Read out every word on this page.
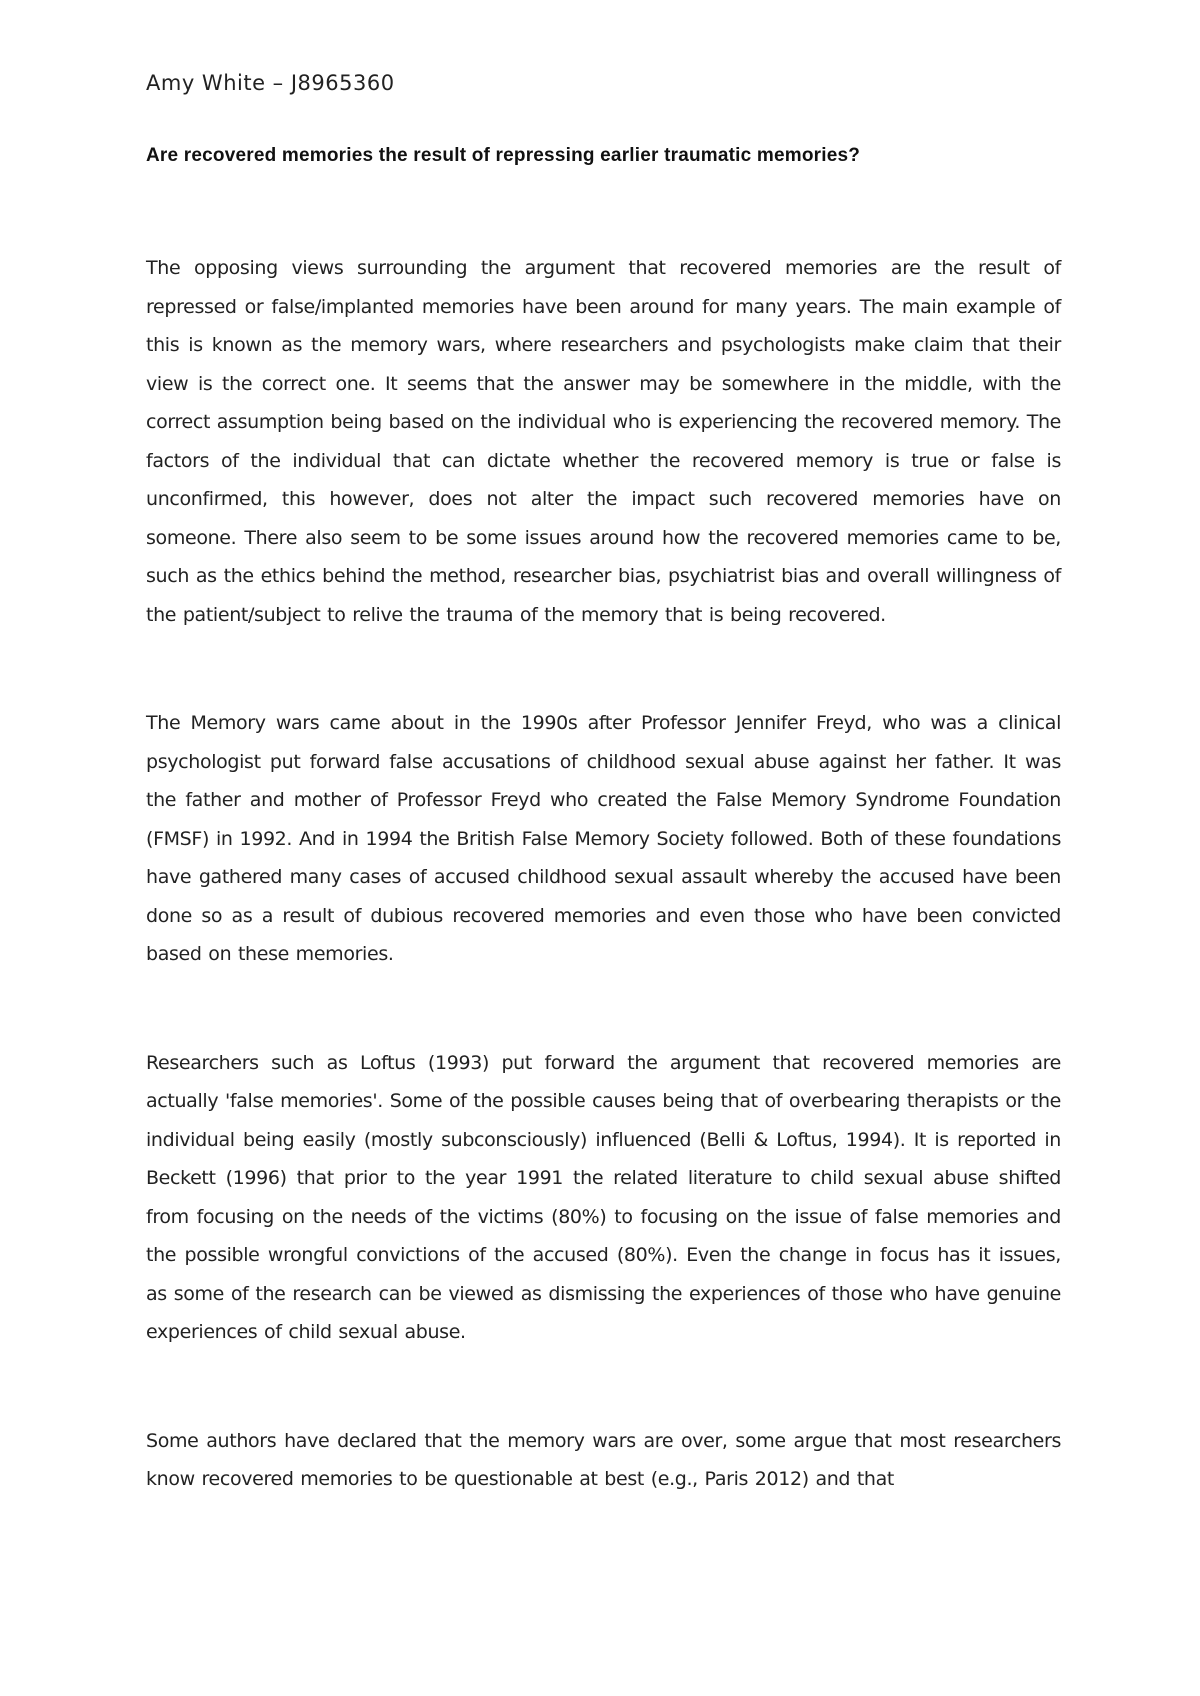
Amy White – J8965360

Are recovered memories the result of repressing earlier traumatic memories?

The opposing views surrounding the argument that recovered memories are the result of repressed or false/implanted memories have been around for many years. The main example of this is known as the memory wars, where researchers and psychologists make claim that their view is the correct one. It seems that the answer may be somewhere in the middle, with the correct assumption being based on the individual who is experiencing the recovered memory. The factors of the individual that can dictate whether the recovered memory is true or false is unconfirmed, this however, does not alter the impact such recovered memories have on someone. There also seem to be some issues around how the recovered memories came to be, such as the ethics behind the method, researcher bias, psychiatrist bias and overall willingness of the patient/subject to relive the trauma of the memory that is being recovered.

The Memory wars came about in the 1990s after Professor Jennifer Freyd, who was a clinical psychologist put forward false accusations of childhood sexual abuse against her father. It was the father and mother of Professor Freyd who created the False Memory Syndrome Foundation (FMSF) in 1992. And in 1994 the British False Memory Society followed. Both of these foundations have gathered many cases of accused childhood sexual assault whereby the accused have been done so as a result of dubious recovered memories and even those who have been convicted based on these memories.

Researchers such as Loftus (1993) put forward the argument that recovered memories are actually 'false memories'. Some of the possible causes being that of overbearing therapists or the individual being easily (mostly subconsciously) influenced (Belli & Loftus, 1994). It is reported in Beckett (1996) that prior to the year 1991 the related literature to child sexual abuse shifted from focusing on the needs of the victims (80%) to focusing on the issue of false memories and the possible wrongful convictions of the accused (80%). Even the change in focus has it issues, as some of the research can be viewed as dismissing the experiences of those who have genuine experiences of child sexual abuse.

Some authors have declared that the memory wars are over, some argue that most researchers know recovered memories to be questionable at best (e.g., Paris 2012) and that
